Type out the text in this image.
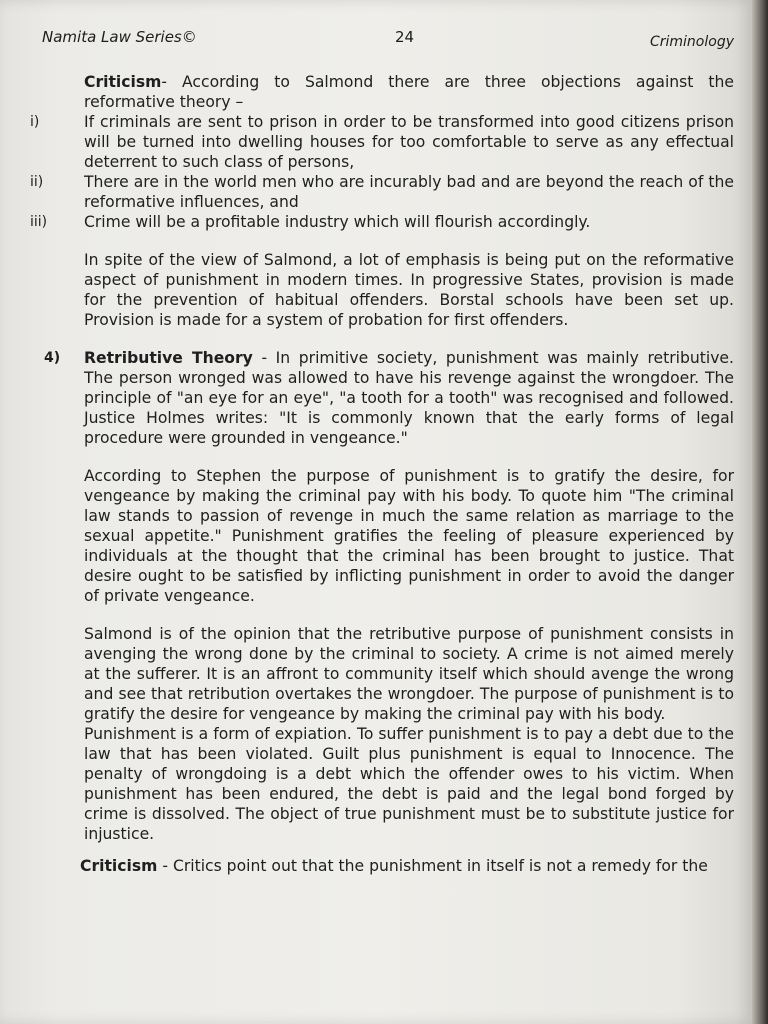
Namita Law Series©	24	Criminology

Criticism- According to Salmond there are three objections against the reformative theory –

i)	If criminals are sent to prison in order to be transformed into good citizens prison will be turned into dwelling houses for too comfortable to serve as any effectual deterrent to such class of persons,
ii)	There are in the world men who are incurably bad and are beyond the reach of the reformative influences, and
iii) Crime will be a profitable industry which will flourish accordingly.

In spite of the view of Salmond, a lot of emphasis is being put on the reformative aspect of punishment in modern times. In progressive States, provision is made for the prevention of habitual offenders. Borstal schools have been set up. Provision is made for a system of probation for first offenders.

4) Retributive Theory - In primitive society, punishment was mainly retributive. The person wronged was allowed to have his revenge against the wrongdoer. The principle of "an eye for an eye", "a tooth for a tooth" was recognised and followed. Justice Holmes writes: "It is commonly known that the early forms of legal procedure were grounded in vengeance."

According to Stephen the purpose of punishment is to gratify the desire, for vengeance by making the criminal pay with his body. To quote him "The criminal law stands to passion of revenge in much the same relation as marriage to the sexual appetite." Punishment gratifies the feeling of pleasure experienced by individuals at the thought that the criminal has been brought to justice. That desire ought to be satisfied by inflicting punishment in order to avoid the danger of private vengeance.

Salmond is of the opinion that the retributive purpose of punishment consists in avenging the wrong done by the criminal to society. A crime is not aimed merely at the sufferer. It is an affront to community itself which should avenge the wrong and see that retribution overtakes the wrongdoer. The purpose of punishment is to gratify the desire for vengeance by making the criminal pay with his body.

Punishment is a form of expiation. To suffer punishment is to pay a debt due to the law that has been violated. Guilt plus punishment is equal to Innocence. The penalty of wrongdoing is a debt which the offender owes to his victim. When punishment has been endured, the debt is paid and the legal bond forged by crime is dissolved. The object of true punishment must be to substitute justice for injustice.

Criticism - Critics point out that the punishment in itself is not a remedy for the
